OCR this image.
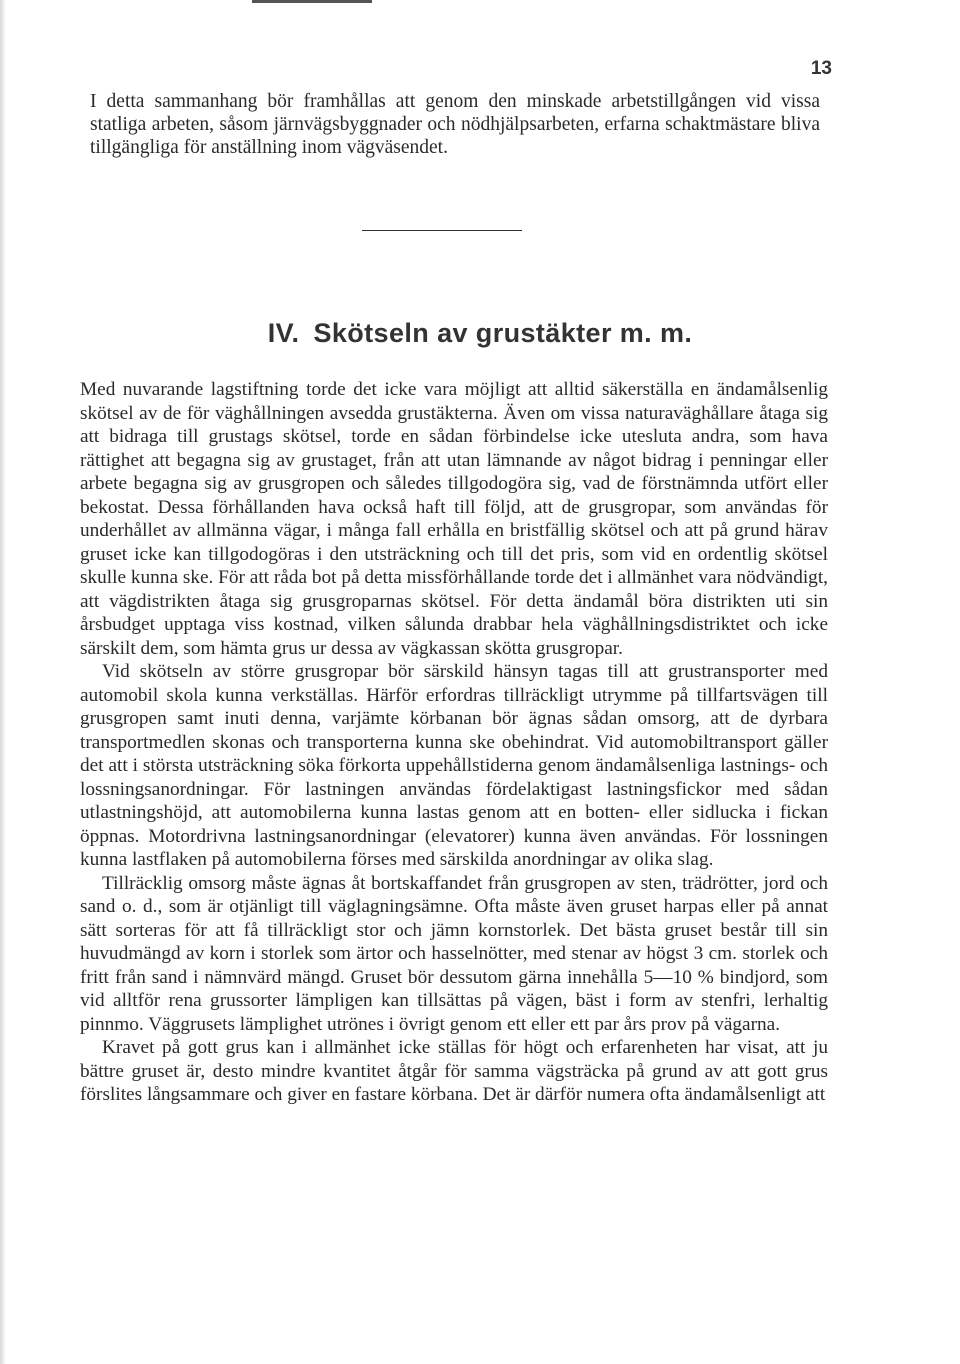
13

I detta sammanhang bör framhållas att genom den minskade arbetstillgången vid vissa statliga arbeten, såsom järnvägsbyggnader och nödhjälpsarbeten, erfarna schaktmästare bliva tillgängliga för anställning inom vägväsendet.

IV. Skötseln av grustäkter m. m.

Med nuvarande lagstiftning torde det icke vara möjligt att alltid säkerställa en ändamålsenlig skötsel av de för väghållningen avsedda grustäkterna. Även om vissa naturaväghållare åtaga sig att bidraga till grustags skötsel, torde en sådan förbindelse icke utesluta andra, som hava rättighet att begagna sig av grustaget, från att utan lämnande av något bidrag i penningar eller arbete begagna sig av grusgropen och således tillgodogöra sig, vad de förstnämnda utfört eller bekostat. Dessa förhållanden hava också haft till följd, att de grusgropar, som användas för underhållet av allmänna vägar, i många fall erhålla en bristfällig skötsel och att på grund härav gruset icke kan tillgodogöras i den utsträckning och till det pris, som vid en ordentlig skötsel skulle kunna ske. För att råda bot på detta missförhållande torde det i allmänhet vara nödvändigt, att vägdistrikten åtaga sig grusgroparnas skötsel. För detta ändamål böra distrikten uti sin årsbudget upptaga viss kostnad, vilken sålunda drabbar hela väghållningsdistriktet och icke särskilt dem, som hämta grus ur dessa av vägkassan skötta grusgropar.

Vid skötseln av större grusgropar bör särskild hänsyn tagas till att grustransporter med automobil skola kunna verkställas. Härför erfordras tillräckligt utrymme på tillfartsvägen till grusgropen samt inuti denna, varjämte körbanan bör ägnas sådan omsorg, att de dyrbara transportmedlen skonas och transporterna kunna ske obehindrat. Vid automobiltransport gäller det att i största utsträckning söka förkorta uppehållstiderna genom ändamålsenliga lastnings- och lossningsanordningar. För lastningen användas fördelaktigast lastningsfickor med sådan utlastningshöjd, att automobilerna kunna lastas genom att en botten- eller sidlucka i fickan öppnas. Motordrivna lastningsanordningar (elevatorer) kunna även användas. För lossningen kunna lastflaken på automobilerna förses med särskilda anordningar av olika slag.

Tillräcklig omsorg måste ägnas åt bortskaffandet från grusgropen av sten, trädrötter, jord och sand o. d., som är otjänligt till väglagningsämne. Ofta måste även gruset harpas eller på annat sätt sorteras för att få tillräckligt stor och jämn kornstorlek. Det bästa gruset består till sin huvudmängd av korn i storlek som ärtor och hasselnötter, med stenar av högst 3 cm. storlek och fritt från sand i nämnvärd mängd. Gruset bör dessutom gärna innehålla 5—10 % bindjord, som vid alltför rena grussorter lämpligen kan tillsättas på vägen, bäst i form av stenfri, lerhaltig pinnmo. Väggrusets lämplighet utrönes i övrigt genom ett eller ett par års prov på vägarna.

Kravet på gott grus kan i allmänhet icke ställas för högt och erfarenheten har visat, att ju bättre gruset är, desto mindre kvantitet åtgår för samma vägsträcka på grund av att gott grus förslites långsammare och giver en fastare körbana. Det är därför numera ofta ändamålsenligt att
